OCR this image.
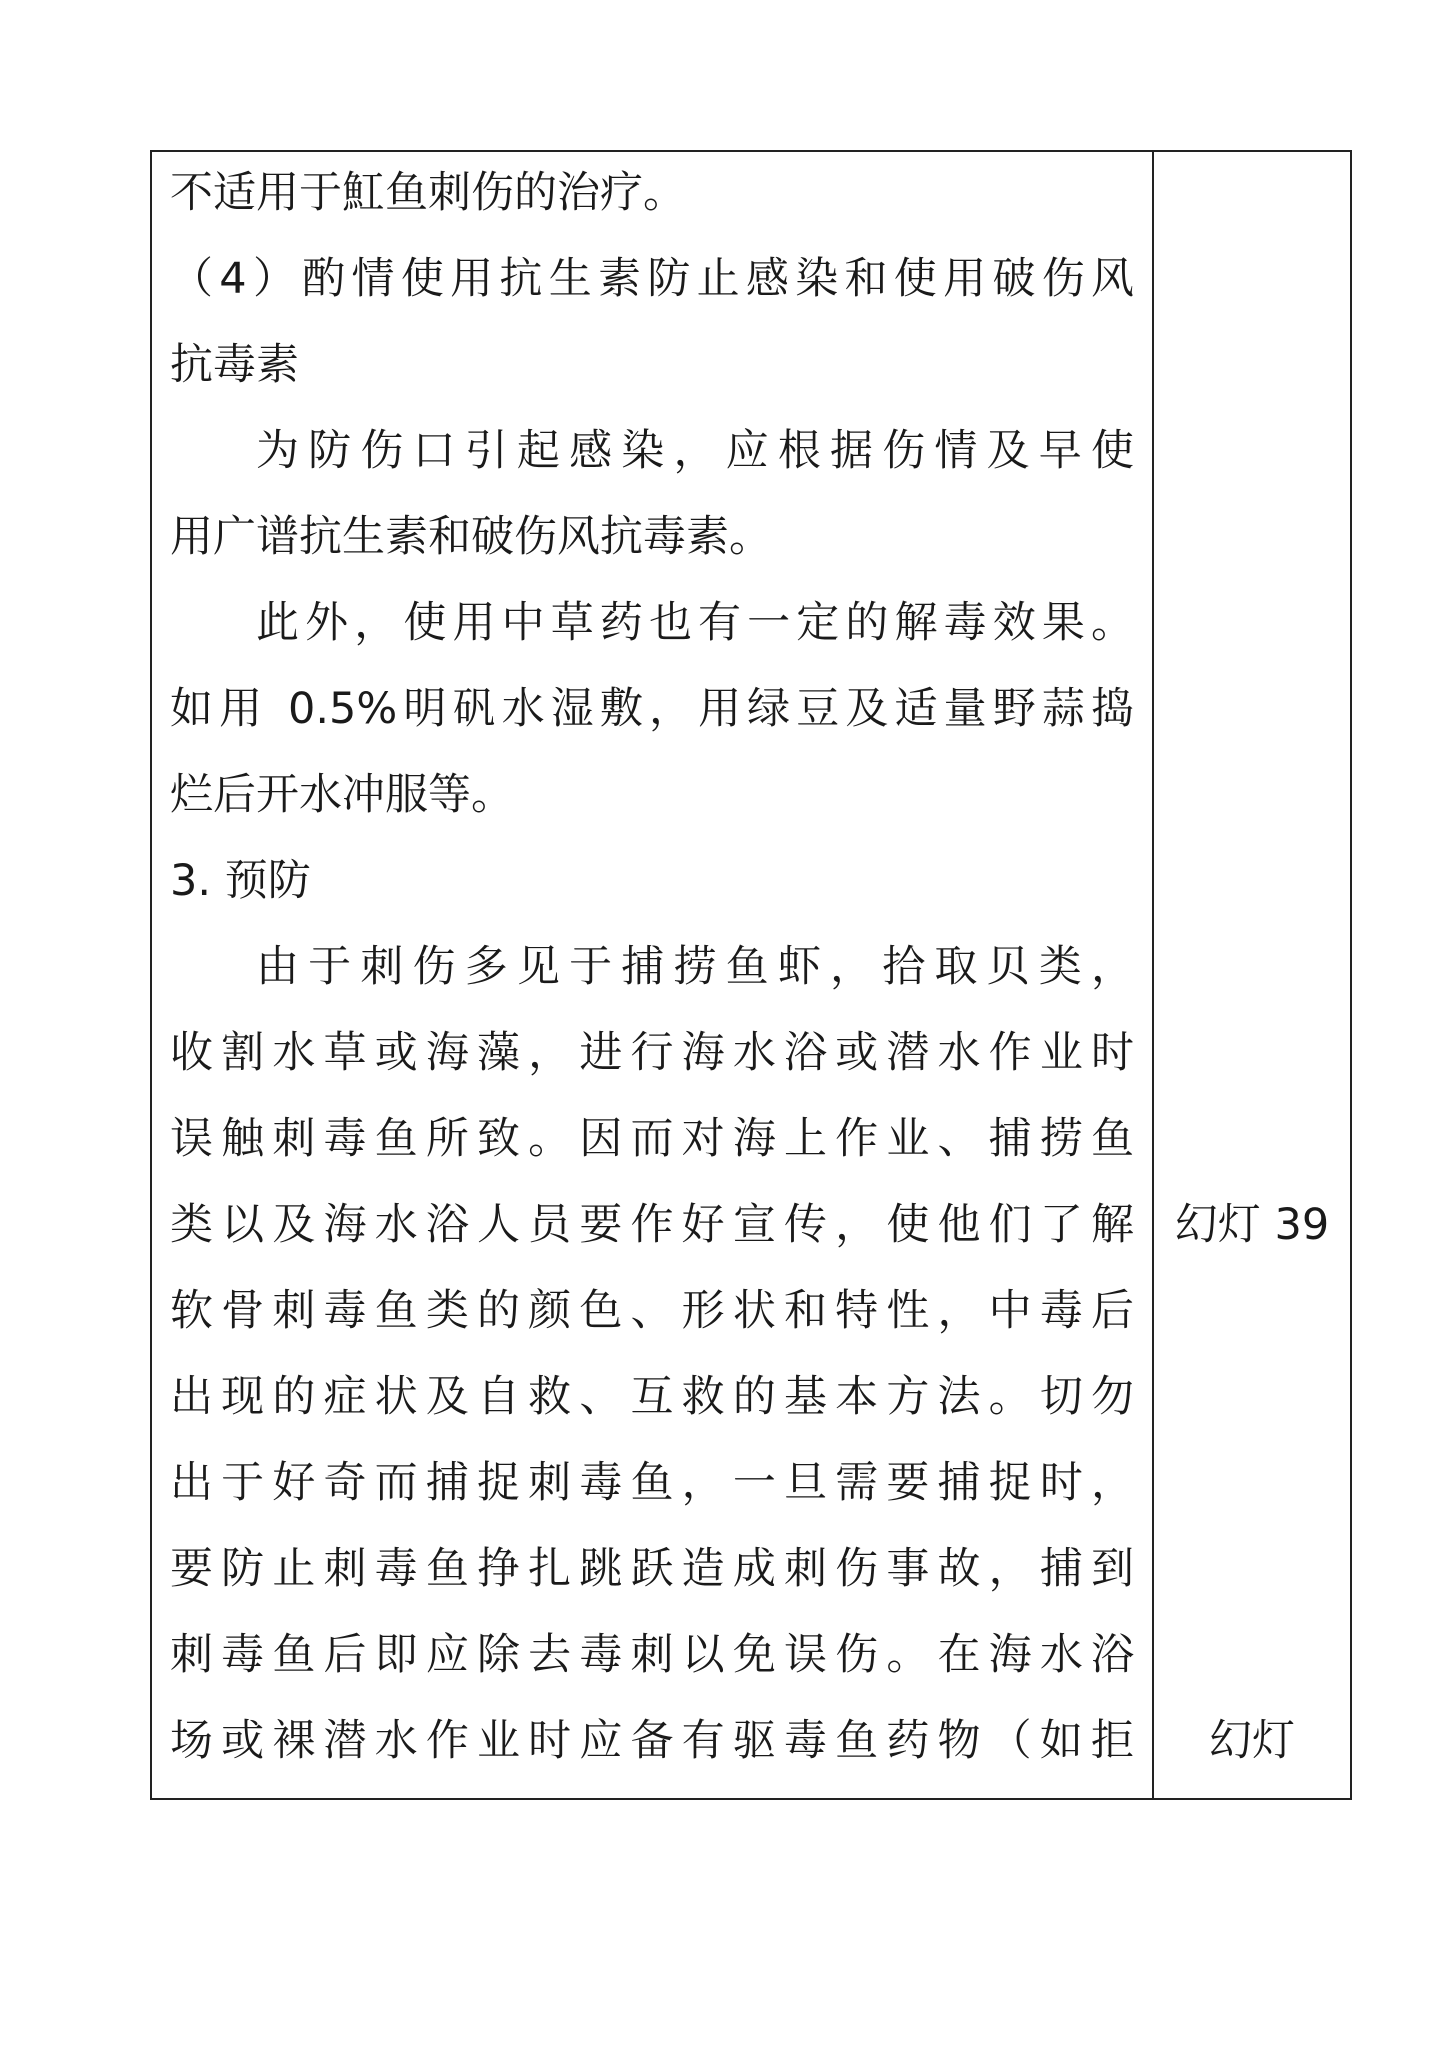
不适用于魟鱼刺伤的治疗。
（4）酌情使用抗生素防止感染和使用破伤风
抗毒素
为防伤口引起感染，应根据伤情及早使
用广谱抗生素和破伤风抗毒素。
此外，使用中草药也有一定的解毒效果。
如用 0.5%明矾水湿敷，用绿豆及适量野蒜捣
烂后开水冲服等。
3. 预防
由于刺伤多见于捕捞鱼虾，拾取贝类，
收割水草或海藻，进行海水浴或潜水作业时
误触刺毒鱼所致。因而对海上作业、捕捞鱼
类以及海水浴人员要作好宣传，使他们了解
软骨刺毒鱼类的颜色、形状和特性，中毒后
出现的症状及自救、互救的基本方法。切勿
出于好奇而捕捉刺毒鱼，一旦需要捕捉时，
要防止刺毒鱼挣扎跳跃造成刺伤事故，捕到
刺毒鱼后即应除去毒刺以免误伤。在海水浴
场或裸潜水作业时应备有驱毒鱼药物（如拒
幻灯 39
幻灯
